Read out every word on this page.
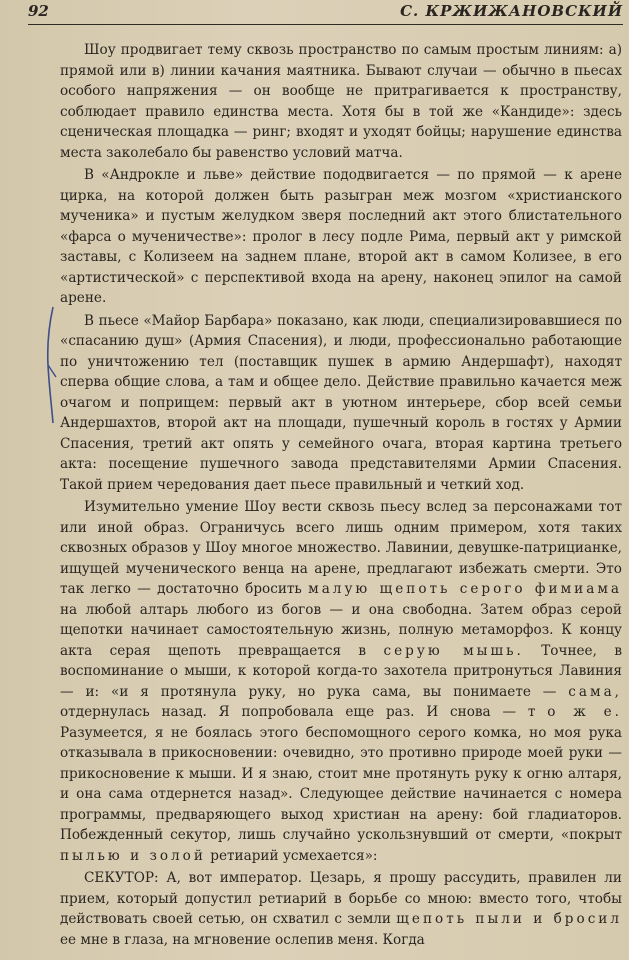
92	С. КРЖИЖАНОВСКИЙ

Шоу продвигает тему сквозь пространство по самым простым линиям: а) прямой или в) линии качания маятника. Бывают случаи — обычно в пьесах особого напряжения — он вообще не притрагивается к пространству, соблюдает правило единства места. Хотя бы в той же «Кандиде»: здесь сценическая площадка — ринг; входят и уходят бойцы; нарушение единства места заколебало бы равенство условий матча.

В «Андрокле и льве» действие пододвигается — по прямой — к арене цирка, на которой должен быть разыгран меж мозгом «христианского мученика» и пустым желудком зверя последний акт этого блистательного «фарса о мученичестве»: пролог в лесу подле Рима, первый акт у римской заставы, с Колизеем на заднем плане, второй акт в самом Колизее, в его «артистической» с перспективой входа на арену, наконец эпилог на самой арене.

В пьесе «Майор Барбара» показано, как люди, специализировавшиеся по «спасанию душ» (Армия Спасения), и люди, профессионально работающие по уничтожению тел (поставщик пушек в армию Андершафт), находят сперва общие слова, а там и общее дело. Действие правильно качается меж очагом и поприщем: первый акт в уютном интерьере, сбор всей семьи Андершахтов, второй акт на площади, пушечный король в гостях у Армии Спасения, третий акт опять у семейного очага, вторая картина третьего акта: посещение пушечного завода представителями Армии Спасения. Такой прием чередования дает пьесе правильный и четкий ход.

Изумительно умение Шоу вести сквозь пьесу вслед за персонажами тот или иной образ. Ограничусь всего лишь одним примером, хотя таких сквозных образов у Шоу многое множество. Лавинии, девушке-патрицианке, ищущей мученического венца на арене, предлагают избежать смерти. Это так легко — достаточно бросить малую щепоть серого фимиама на любой алтарь любого из богов — и она свободна. Затем образ серой щепотки начинает самостоятельную жизнь, полную метаморфоз. К концу акта серая щепоть превращается в серую мышь. Точнее, в воспоминание о мыши, к которой когда-то захотела притронуться Лавиния — и: «и я протянула руку, но рука сама, вы понимаете — сама, отдернулась назад. Я попробовала еще раз. И снова — т о ж е. Разумеется, я не боялась этого беспомощного серого комка, но моя рука отказывала в прикосновении: очевидно, это противно природе моей руки — прикосновение к мыши. И я знаю, стоит мне протянуть руку к огню алтаря, и она сама отдернется назад». Следующее действие начинается с номера программы, предваряющего выход христиан на арену: бой гладиаторов. Побежденный секутор, лишь случайно ускользнувший от смерти, «покрыт пылью и золой ретиарий усмехается»:

СЕКУТОР: А, вот император. Цезарь, я прошу рассудить, правилен ли прием, который допустил ретиарий в борьбе со мною: вместо того, чтобы действовать своей сетью, он схватил с земли щепоть пыли и бросил ее мне в глаза, на мгновение ослепив меня. Когда
